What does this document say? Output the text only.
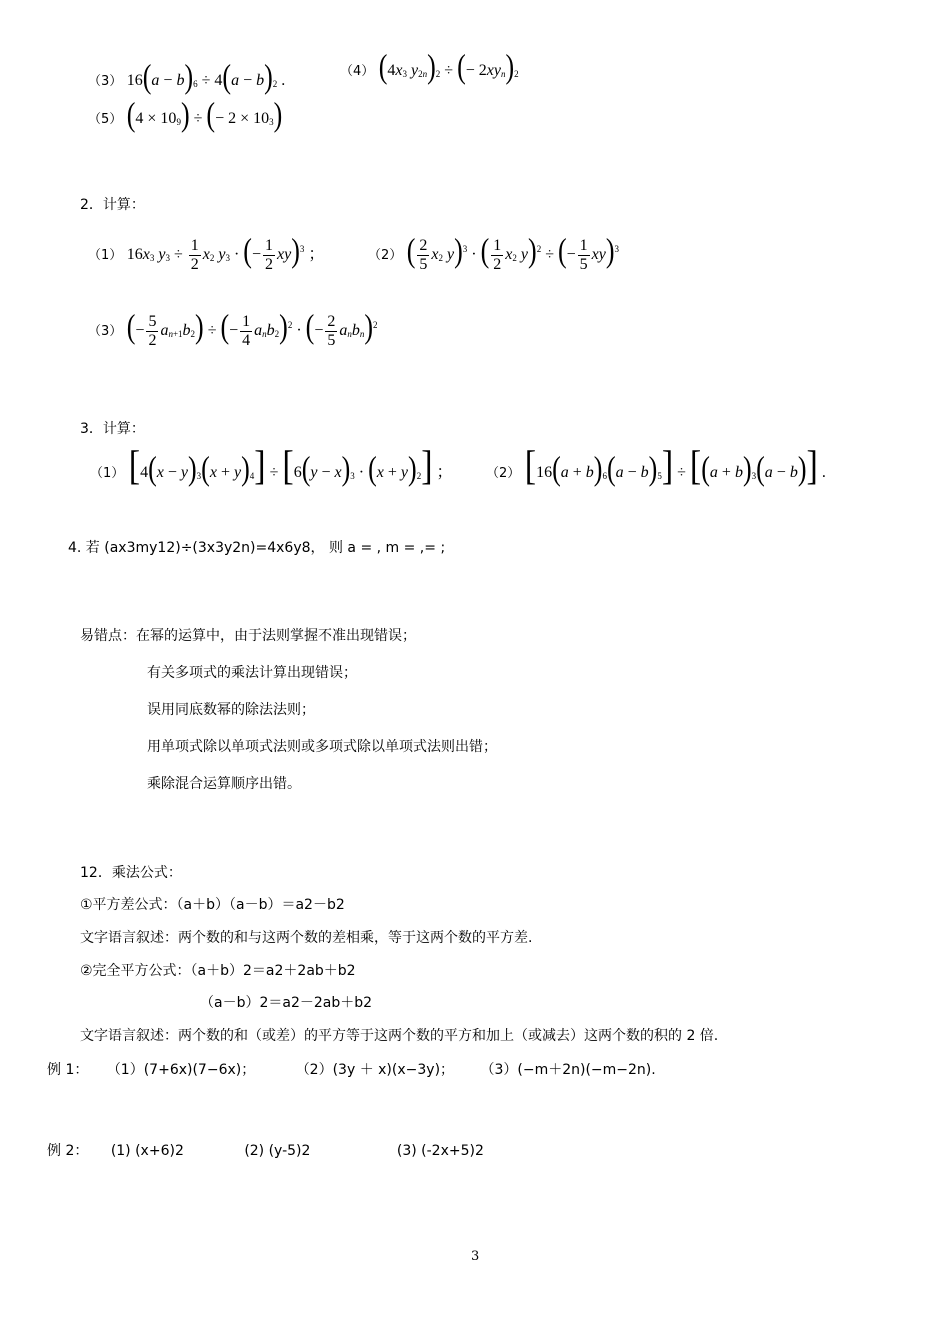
（3） 16(a − b)6 ÷ 4(a − b)2 .
（4） (4x3 y2n)2 ÷ (− 2xyn)2
（5） (4 × 109) ÷ (− 2 × 103)
2．计算：
（1） 16x3 $y3 \div \frac{1}{2} x2$ y3 · (− $\frac{1}{2} xy)^3$ ；	（2） ( $\frac{2}{5} x2$ y)$^3$ · ( $\frac{1}{2} x2$ y)$^2$ ÷ (− $\frac{1}{5} xy)^3$
（3） (− $\frac{5}{2} an+1b2$) ÷ (− $\frac{1}{4} anb2)^2$ · (− $\frac{2}{5}$ anbn)$^2$
3．计算：
（1） [4(x − y)3(x + y)4] ÷ [6(y − x)3 · (x + y)2] ；	（2） [16(a + b)6(a − b)5] ÷ [(a + b)3(a − b)] .
4. 若 (ax3my12)÷(3x3y2n)=4x6y8， 则 a = , m = ,= ;
易错点：在幂的运算中，由于法则掌握不准出现错误；
有关多项式的乘法计算出现错误；
误用同底数幂的除法法则；
用单项式除以单项式法则或多项式除以单项式法则出错；
乘除混合运算顺序出错。
12．乘法公式：
①平方差公式：（a＋b）（a－b）＝a2－b2
文字语言叙述：两个数的和与这两个数的差相乘，等于这两个数的平方差.
②完全平方公式：（a＋b）2＝a2＋2ab＋b2
（a－b）2＝a2－2ab＋b2
文字语言叙述：两个数的和（或差）的平方等于这两个数的平方和加上（或减去）这两个数的积的 2 倍.
例 1： （1）(7+6x)(7−6x)；	（2）(3y ＋ x)(x−3y)； （3）(−m＋2n)(−m−2n).
例 2： (1) (x+6)2	(2) (y-5)2	(3) (-2x+5)2
3
